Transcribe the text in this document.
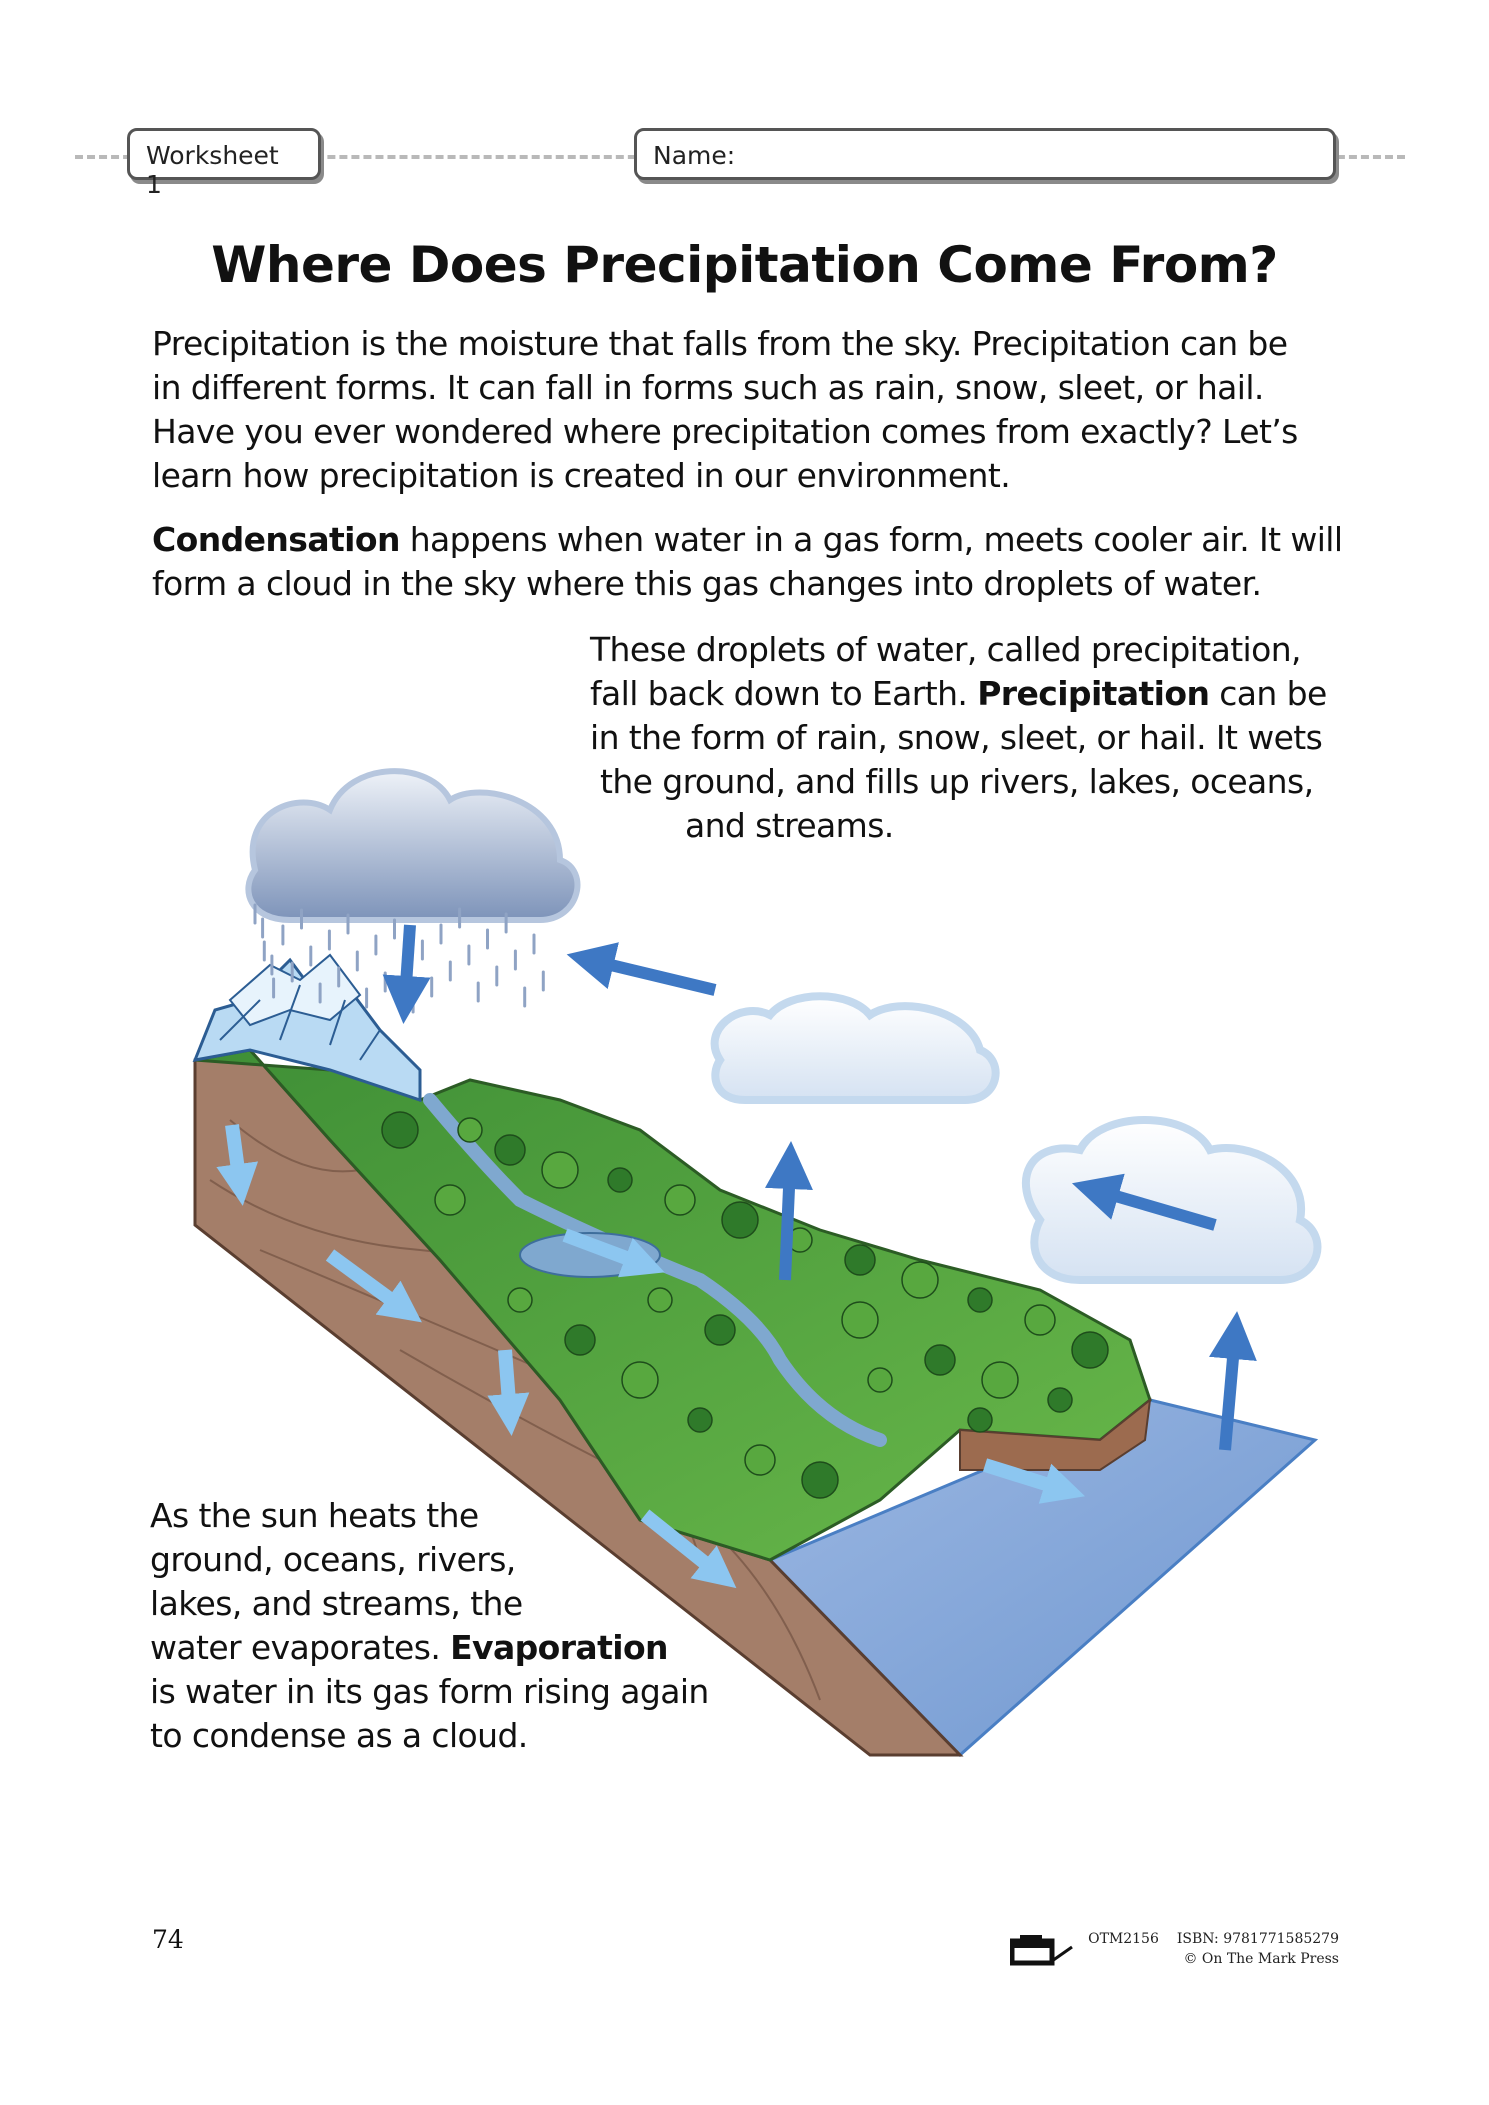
Worksheet 1
Name:
Where Does Precipitation Come From?
Precipitation is the moisture that falls from the sky. Precipitation can be
in different forms. It can fall in forms such as rain, snow, sleet, or hail.
Have you ever wondered where precipitation comes from exactly? Let’s
learn how precipitation is created in our environment.
Condensation happens when water in a gas form, meets cooler air. It will
form a cloud in the sky where this gas changes into droplets of water.
These droplets of water, called precipitation,
fall back down to Earth. Precipitation can be
in the form of rain, snow, sleet, or hail. It wets
the ground, and fills up rivers, lakes, oceans,
and streams.
As the sun heats the
ground, oceans, rivers,
lakes, and streams, the
water evaporates. Evaporation
is water in its gas form rising again
to condense as a cloud.
74	OTM2156 ISBN: 9781771585279
© On The Mark Press
